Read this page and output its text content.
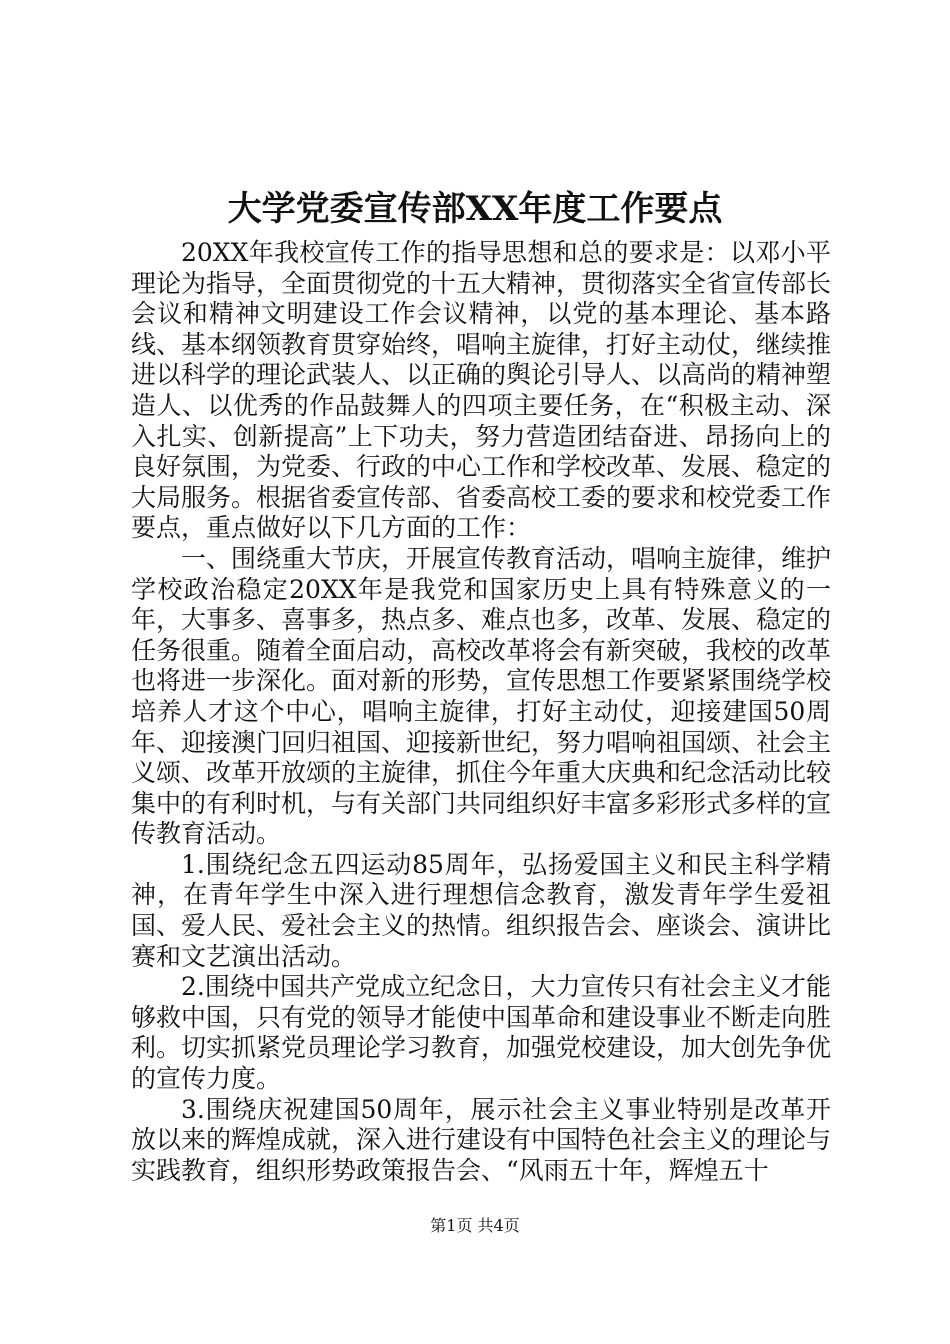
大学党委宣传部XX年度工作要点

20XX年我校宣传工作的指导思想和总的要求是：以邓小平理论为指导，全面贯彻党的十五大精神，贯彻落实全省宣传部长会议和精神文明建设工作会议精神，以党的基本理论、基本路线、基本纲领教育贯穿始终，唱响主旋律，打好主动仗，继续推进以科学的理论武装人、以正确的舆论引导人、以高尚的精神塑造人、以优秀的作品鼓舞人的四项主要任务，在“积极主动、深入扎实、创新提高”上下功夫，努力营造团结奋进、昂扬向上的良好氛围，为党委、行政的中心工作和学校改革、发展、稳定的大局服务。根据省委宣传部、省委高校工委的要求和校党委工作要点，重点做好以下几方面的工作：

一、围绕重大节庆，开展宣传教育活动，唱响主旋律，维护学校政治稳定20XX年是我党和国家历史上具有特殊意义的一年，大事多、喜事多，热点多、难点也多，改革、发展、稳定的任务很重。随着全面启动，高校改革将会有新突破，我校的改革也将进一步深化。面对新的形势，宣传思想工作要紧紧围绕学校培养人才这个中心，唱响主旋律，打好主动仗，迎接建国50周年、迎接澳门回归祖国、迎接新世纪，努力唱响祖国颂、社会主义颂、改革开放颂的主旋律，抓住今年重大庆典和纪念活动比较集中的有利时机，与有关部门共同组织好丰富多彩形式多样的宣传教育活动。

1.围绕纪念五四运动85周年，弘扬爱国主义和民主科学精神，在青年学生中深入进行理想信念教育，激发青年学生爱祖国、爱人民、爱社会主义的热情。组织报告会、座谈会、演讲比赛和文艺演出活动。

2.围绕中国共产党成立纪念日，大力宣传只有社会主义才能够救中国，只有党的领导才能使中国革命和建设事业不断走向胜利。切实抓紧党员理论学习教育，加强党校建设，加大创先争优的宣传力度。

3.围绕庆祝建国50周年，展示社会主义事业特别是改革开放以来的辉煌成就，深入进行建设有中国特色社会主义的理论与实践教育，组织形势政策报告会、“风雨五十年，辉煌五十

第1页 共4页
